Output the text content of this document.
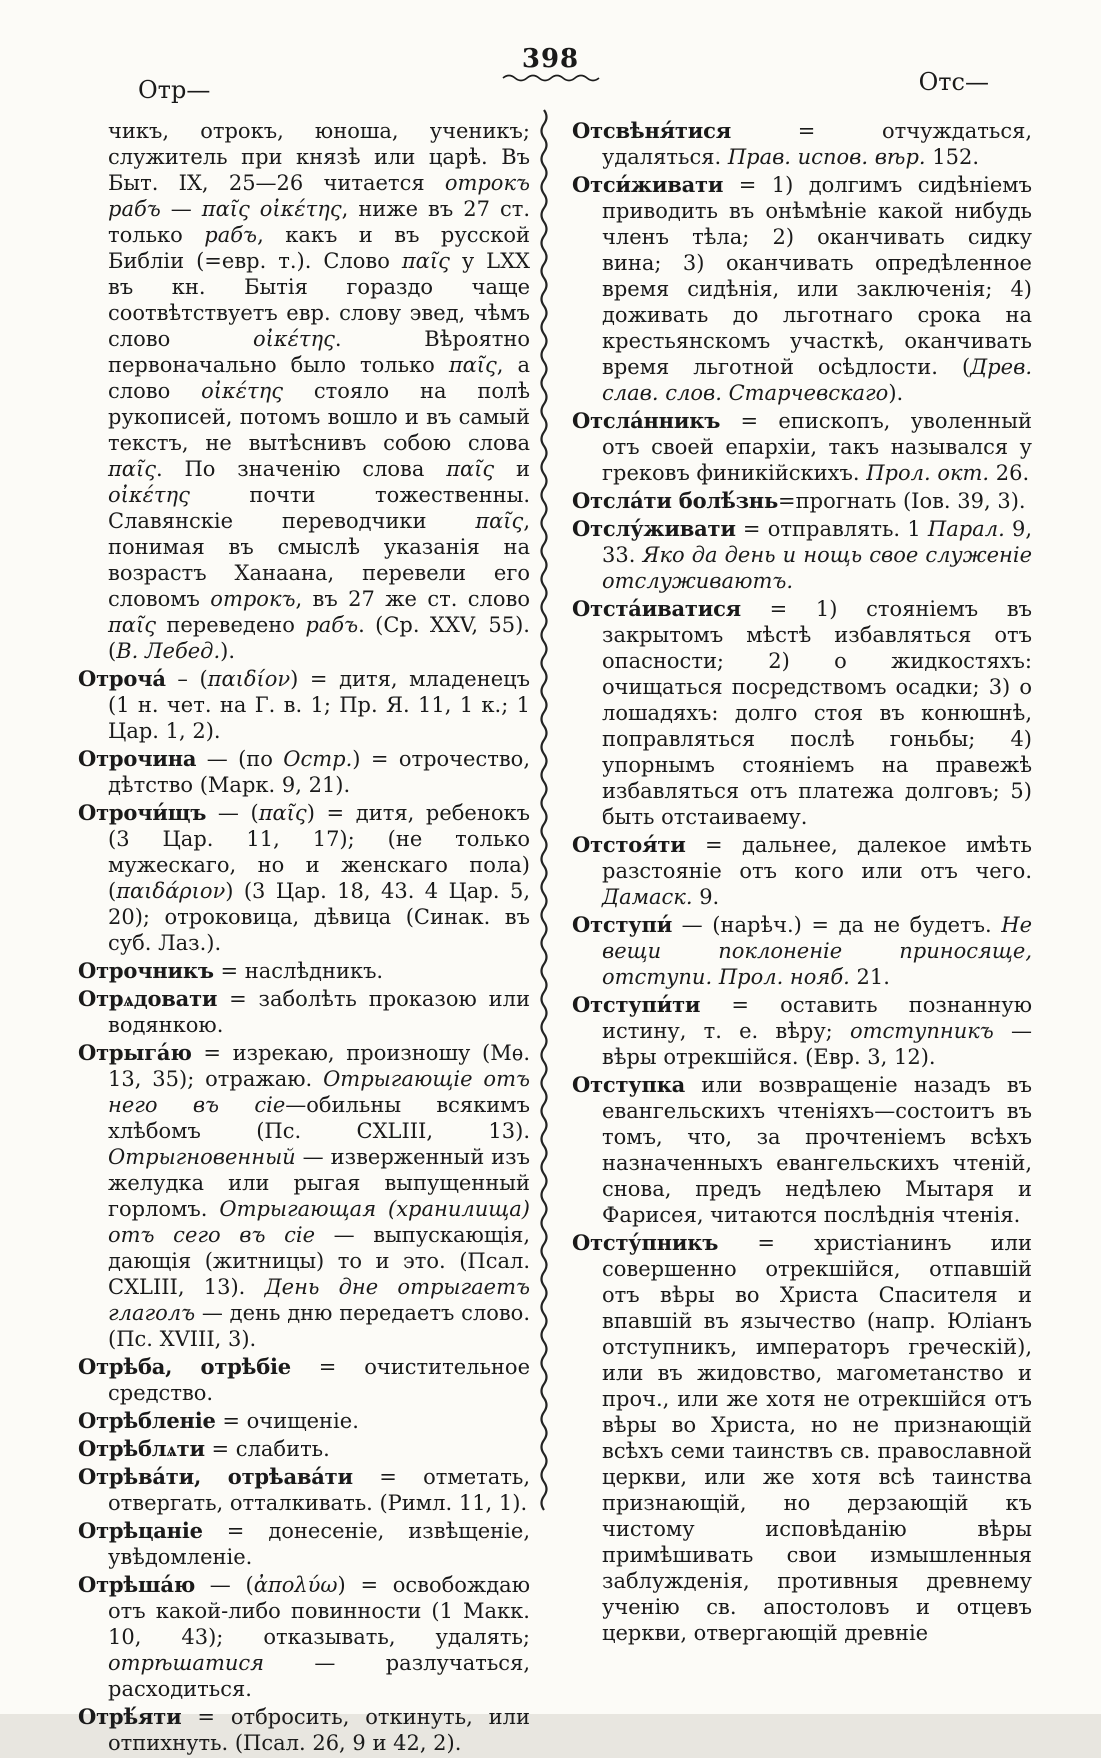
Отр—
398
Отс—
чикъ, отрокъ, юноша, ученикъ; служитель при князѣ или царѣ. Въ Быт. IX, 25—26 читается отрокъ рабъ — παῖς οἰκέτης, ниже въ 27 ст. только рабъ, какъ и въ русской Библіи (=евр. т.). Слово παῖς у LXX въ кн. Бытія гораздо чаще соотвѣтствуетъ евр. слову эвед, чѣмъ слово οἰκέτης. Вѣроятно первоначально было только παῖς, а слово οἰκέτης стояло на полѣ рукописей, потомъ вошло и въ самый текстъ, не вытѣснивъ собою слова παῖς. По значенію слова παῖς и οἰκέτης почти тожественны. Славянскіе переводчики παῖς, понимая въ смыслѣ указанія на возрастъ Ханаана, перевели его словомъ отрокъ, въ 27 же ст. слово παῖς переведено рабъ. (Ср. XXV, 55). (В. Лебед.).
Отроча́ – (παιδίον) = дитя, младенецъ (1 н. чет. на Г. в. 1; Пр. Я. 11, 1 к.; 1 Цар. 1, 2).
Отрочина — (по Остр.) = отрочество, дѣтство (Марк. 9, 21).
Отрочи́щъ — (παῖς) = дитя, ребенокъ (3 Цар. 11, 17); (не только мужескаго, но и женскаго пола) (παιδάριον) (3 Цар. 18, 43. 4 Цар. 5, 20); отроковица, дѣвица (Синак. въ суб. Лаз.).
Отрочникъ = наслѣдникъ.
Отрѧдовати = заболѣть проказою или водянкою.
Отрыга́ю = изрекаю, произношу (Мѳ. 13, 35); отражаю. Отрыгающіе отъ него въ сіе—обильны всякимъ хлѣбомъ (Пс. CXLIII, 13). Отрыгновенный — изверженный изъ желудка или рыгая выпущенный горломъ. Отрыгающая (хранилища) отъ сего въ сіе — выпускающія, дающія (житницы) то и это. (Псал. CXLIII, 13). День дне отрыгаетъ глаголъ — день дню передаетъ слово. (Пс. XVIII, 3).
Отрѣба, отрѣбіе = очистительное средство.
Отрѣбленіе = очищеніе.
Отрѣблѧти = слабить.
Отрѣва́ти, отрѣава́ти = отметать, отвергать, отталкивать. (Римл. 11, 1).
Отрѣцаніе = донесеніе, извѣщеніе, увѣдомленіе.
Отрѣша́ю — (ἀπολύω) = освобождаю отъ какой-либо повинности (1 Макк. 10, 43); отказывать, удалять; отрѣшатися — разлучаться, расходиться.
Отрѣ́яти = отбросить, откинуть, или отпихнуть. (Псал. 26, 9 и 42, 2).
Отсвѣня́тися = отчуждаться, удаляться. Прав. испов. вѣр. 152.
Отси́живати = 1) долгимъ сидѣніемъ приводить въ онѣмѣніе какой нибудь членъ тѣла; 2) оканчивать сидку вина; 3) оканчивать опредѣленное время сидѣнія, или заключенія; 4) доживать до льготнаго срока на крестьянскомъ участкѣ, оканчивать время льготной осѣдлости. (Древ. слав. слов. Старчевскаго).
Отсла́нникъ = епископъ, уволенный отъ своей епархіи, такъ назывался у грековъ финикійскихъ. Прол. окт. 26.
Отсла́ти болѣ́знь=прогнать (Іов. 39, 3).
Отслу́живати = отправлять. 1 Парал. 9, 33. Яко да день и нощь свое служеніе отслуживаютъ.
Отста́иватися = 1) стояніемъ въ закрытомъ мѣстѣ избавляться отъ опасности; 2) о жидкостяхъ: очищаться посредствомъ осадки; 3) о лошадяхъ: долго стоя въ конюшнѣ, поправляться послѣ гоньбы; 4) упорнымъ стояніемъ на правежѣ избавляться отъ платежа долговъ; 5) быть отстаиваему.
Отстоя́ти = дальнее, далекое имѣть разстояніе отъ кого или отъ чего. Дамаск. 9.
Отступи́ — (нарѣч.) = да не будетъ. Не вещи поклоненіе приносяще, отступи. Прол. нояб. 21.
Отступи́ти = оставить познанную истину, т. е. вѣру; отступникъ — вѣры отрекшійся. (Евр. 3, 12).
Отступка или возвращеніе назадъ въ евангельскихъ чтеніяхъ—состоитъ въ томъ, что, за прочтеніемъ всѣхъ назначенныхъ евангельскихъ чтеній, снова, предъ недѣлею Мытаря и Фарисея, читаются послѣднія чтенія.
Отсту́пникъ = христіанинъ или совершенно отрекшійся, отпавшій отъ вѣры во Христа Спасителя и впавшій въ язычество (напр. Юліанъ отступникъ, императоръ греческій), или въ жидовство, магометанство и проч., или же хотя не отрекшійся отъ вѣры во Христа, но не признающій всѣхъ семи таинствъ св. православной церкви, или же хотя всѣ таинства признающій, но дерзающій къ чистому исповѣданію вѣры примѣшивать свои измышленныя заблужденія, противныя древнему ученію св. апостоловъ и отцевъ церкви, отвергающій древніе
